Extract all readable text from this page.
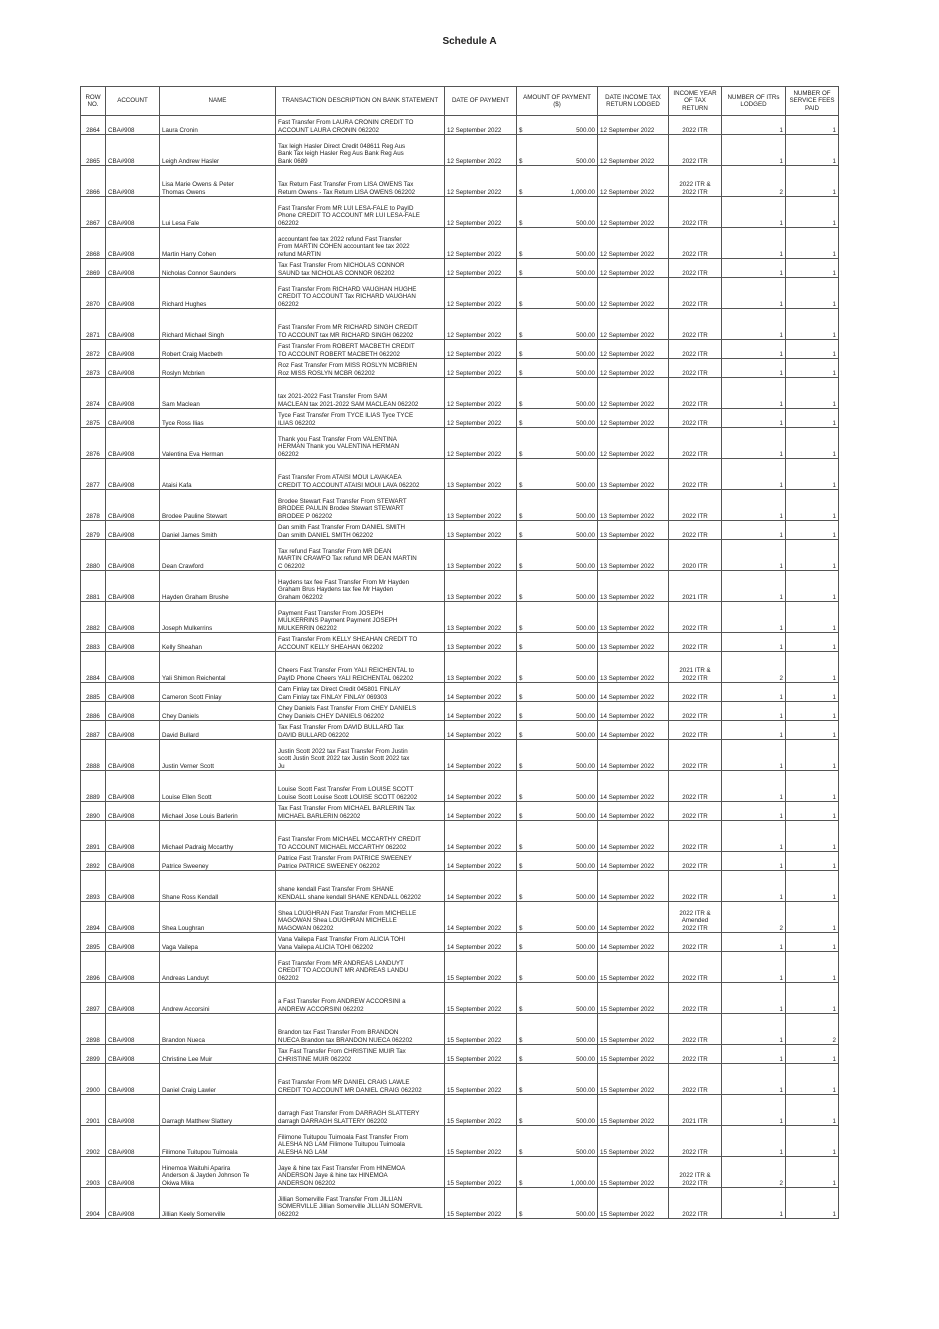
Schedule A
ROW NO.	ACCOUNT	NAME	TRANSACTION DESCRIPTION ON BANK STATEMENT	DATE OF PAYMENT	AMOUNT OF PAYMENT ($)	DATE INCOME TAX RETURN LODGED	INCOME YEAR OF TAX RETURN	NUMBER OF ITRs LODGED	NUMBER OF SERVICE FEES PAID
2864	CBA#908	Laura Cronin	Fast Transfer From LAURA CRONIN CREDIT TO
ACCOUNT LAURA CRONIN 062202	12 September 2022	$ 500.00	12 September 2022	2022 ITR	1	1
2865	CBA#908	Leigh Andrew Hasler	Tax leigh Hasler Direct Credit 048611 Reg Aus
Bank Tax leigh Hasler Reg Aus Bank Reg Aus
Bank 0689	12 September 2022	$ 500.00	12 September 2022	2022 ITR	1	1
2866	CBA#908	Lisa Marie Owens & Peter
Thomas Owens	Tax Return Fast Transfer From LISA OWENS Tax
Return Owens - Tax Return LISA OWENS 062202	12 September 2022	$ 1,000.00	12 September 2022	2022 ITR &
2022 ITR	2	1
2867	CBA#908	Lui Lesa Fale	Fast Transfer From MR LUI LESA-FALE to PayID
Phone CREDIT TO ACCOUNT MR LUI LESA-FALE
062202	12 September 2022	$ 500.00	12 September 2022	2022 ITR	1	1
2868	CBA#908	Martin Harry Cohen	accountant fee tax 2022 refund Fast Transfer
From MARTIN COHEN accountant fee tax 2022
refund MARTIN	12 September 2022	$ 500.00	12 September 2022	2022 ITR	1	1
2869	CBA#908	Nicholas Connor Saunders	Tax Fast Transfer From NICHOLAS CONNOR
SAUND tax NICHOLAS CONNOR 062202	12 September 2022	$ 500.00	12 September 2022	2022 ITR	1	1
2870	CBA#908	Richard Hughes	Fast Transfer From RICHARD VAUGHAN HUGHE
CREDIT TO ACCOUNT Tax RICHARD VAUGHAN
062202	12 September 2022	$ 500.00	12 September 2022	2022 ITR	1	1
2871	CBA#908	Richard Michael Singh	Fast Transfer From MR RICHARD SINGH CREDIT
TO ACCOUNT tax MR RICHARD SINGH 062202	12 September 2022	$ 500.00	12 September 2022	2022 ITR	1	1
2872	CBA#908	Robert Craig Macbeth	Fast Transfer From ROBERT MACBETH CREDIT
TO ACCOUNT ROBERT MACBETH 062202	12 September 2022	$ 500.00	12 September 2022	2022 ITR	1	1
2873	CBA#908	Roslyn Mcbrien	Roz Fast Transfer From MISS ROSLYN MCBRIEN
Roz MISS ROSLYN MCBR 062202	12 September 2022	$ 500.00	12 September 2022	2022 ITR	1	1
2874	CBA#908	Sam Maclean	tax 2021-2022 Fast Transfer From SAM
MACLEAN tax 2021-2022 SAM MACLEAN 062202	12 September 2022	$ 500.00	12 September 2022	2022 ITR	1	1
2875	CBA#908	Tyce Ross Ilias	Tyce Fast Transfer From TYCE ILIAS Tyce TYCE
ILIAS 062202	12 September 2022	$ 500.00	12 September 2022	2022 ITR	1	1
2876	CBA#908	Valentina Eva Herman	Thank you Fast Transfer From VALENTINA
HERMAN Thank you VALENTINA HERMAN
062202	12 September 2022	$ 500.00	12 September 2022	2022 ITR	1	1
2877	CBA#908	Ataisi Kafa	Fast Transfer From ATAISI MOUI LAVAKAEA
CREDIT TO ACCOUNT ATAISI MOUI LAVA 062202	13 September 2022	$ 500.00	13 September 2022	2022 ITR	1	1
2878	CBA#908	Brodee Pauline Stewart	Brodee Stewart Fast Transfer From STEWART
BRODEE PAULIN Brodee Stewart STEWART
BRODEE P 062202	13 September 2022	$ 500.00	13 September 2022	2022 ITR	1	1
2879	CBA#908	Daniel James Smith	Dan smith Fast Transfer From DANIEL SMITH
Dan smith DANIEL SMITH 062202	13 September 2022	$ 500.00	13 September 2022	2022 ITR	1	1
2880	CBA#908	Dean Crawford	Tax refund Fast Transfer From MR DEAN
MARTIN CRAWFO Tax refund MR DEAN MARTIN
C 062202	13 September 2022	$ 500.00	13 September 2022	2020 ITR	1	1
2881	CBA#908	Hayden Graham Brushe	Haydens tax fee Fast Transfer From Mr Hayden
Graham Brus Haydens tax fee Mr Hayden
Graham 062202	13 September 2022	$ 500.00	13 September 2022	2021 ITR	1	1
2882	CBA#908	Joseph Mulkerrins	Payment Fast Transfer From JOSEPH
MULKERRINS Payment Payment JOSEPH
MULKERRIN 062202	13 September 2022	$ 500.00	13 September 2022	2022 ITR	1	1
2883	CBA#908	Kelly Sheahan	Fast Transfer From KELLY SHEAHAN CREDIT TO
ACCOUNT KELLY SHEAHAN 062202	13 September 2022	$ 500.00	13 September 2022	2022 ITR	1	1
2884	CBA#908	Yali Shimon Reichental	Cheers Fast Transfer From YALI REICHENTAL to
PayID Phone Cheers YALI REICHENTAL 062202	13 September 2022	$ 500.00	13 September 2022	2021 ITR &
2022 ITR	2	1
2885	CBA#908	Cameron Scott Finlay	Cam Finlay tax Direct Credit 045801 FINLAY
Cam Finlay tax FINLAY FINLAY 069303	14 September 2022	$ 500.00	14 September 2022	2022 ITR	1	1
2886	CBA#908	Chey Daniels	Chey Daniels Fast Transfer From CHEY DANIELS
Chey Daniels CHEY DANIELS 062202	14 September 2022	$ 500.00	14 September 2022	2022 ITR	1	1
2887	CBA#908	David Bullard	Tax Fast Transfer From DAVID BULLARD Tax
DAVID BULLARD 062202	14 September 2022	$ 500.00	14 September 2022	2022 ITR	1	1
2888	CBA#908	Justin Verner Scott	Justin Scott 2022 tax Fast Transfer From Justin
scott Justin Scott 2022 tax Justin Scott 2022 tax
Ju	14 September 2022	$ 500.00	14 September 2022	2022 ITR	1	1
2889	CBA#908	Louise Ellen Scott	Louise Scott Fast Transfer From LOUISE SCOTT
Louise Scott Louise Scott LOUISE SCOTT 062202	14 September 2022	$ 500.00	14 September 2022	2022 ITR	1	1
2890	CBA#908	Michael Jose Louis Barlerin	Tax Fast Transfer From MICHAEL BARLERIN Tax
MICHAEL BARLERIN 062202	14 September 2022	$ 500.00	14 September 2022	2022 ITR	1	1
2891	CBA#908	Michael Padraig Mccarthy	Fast Transfer From MICHAEL MCCARTHY CREDIT
TO ACCOUNT MICHAEL MCCARTHY 062202	14 September 2022	$ 500.00	14 September 2022	2022 ITR	1	1
2892	CBA#908	Patrice Sweeney	Patrice Fast Transfer From PATRICE SWEENEY
Patrice PATRICE SWEENEY 062202	14 September 2022	$ 500.00	14 September 2022	2022 ITR	1	1
2893	CBA#908	Shane Ross Kendall	shane kendall Fast Transfer From SHANE
KENDALL shane kendall SHANE KENDALL 062202	14 September 2022	$ 500.00	14 September 2022	2022 ITR	1	1
2894	CBA#908	Shea Loughran	Shea LOUGHRAN Fast Transfer From MICHELLE
MAGOWAN Shea LOUGHRAN MICHELLE
MAGOWAN 062202	14 September 2022	$ 500.00	14 September 2022	2022 ITR &
Amended
2022 ITR	2	1
2895	CBA#908	Vaga Vailepa	Vana Vailepa Fast Transfer From ALICIA TOHI
Vana Vailepa ALICIA TOHI 062202	14 September 2022	$ 500.00	14 September 2022	2022 ITR	1	1
2896	CBA#908	Andreas Landuyt	Fast Transfer From MR ANDREAS LANDUYT
CREDIT TO ACCOUNT MR ANDREAS LANDU
062202	15 September 2022	$ 500.00	15 September 2022	2022 ITR	1	1
2897	CBA#908	Andrew Accorsini	a Fast Transfer From ANDREW ACCORSINI a
ANDREW ACCORSINI 062202	15 September 2022	$ 500.00	15 September 2022	2022 ITR	1	1
2898	CBA#908	Brandon Nueca	Brandon tax Fast Transfer From BRANDON
NUECA Brandon tax BRANDON NUECA 062202	15 September 2022	$ 500.00	15 September 2022	2022 ITR	1	2
2899	CBA#908	Christine Lee Muir	Tax Fast Transfer From CHRISTINE MUIR Tax
CHRISTINE MUIR 062202	15 September 2022	$ 500.00	15 September 2022	2022 ITR	1	1
2900	CBA#908	Daniel Craig Lawler	Fast Transfer From MR DANIEL CRAIG LAWLE
CREDIT TO ACCOUNT MR DANIEL CRAIG 062202	15 September 2022	$ 500.00	15 September 2022	2022 ITR	1	1
2901	CBA#908	Darragh Matthew Slattery	darragh Fast Transfer From DARRAGH SLATTERY
darragh DARRAGH SLATTERY 062202	15 September 2022	$ 500.00	15 September 2022	2021 ITR	1	1
2902	CBA#908	Filimone Tuitupou Tuimoala	Filimone Tuitupou Tuimoala Fast Transfer From
ALESHA NG LAM Filimone Tuitupou Tuimoala
ALESHA NG LAM	15 September 2022	$ 500.00	15 September 2022	2022 ITR	1	1
2903	CBA#908	Hinemoa Waituhi Aparira
Anderson & Jayden Johnson Te
Okiwa Mika	Jaye & hine tax Fast Transfer From HINEMOA
ANDERSON Jaye & hine tax HINEMOA
ANDERSON 062202	15 September 2022	$ 1,000.00	15 September 2022	2022 ITR &
2022 ITR	2	1
2904	CBA#908	Jillian Keely Somerville	Jillian Somerville Fast Transfer From JILLIAN
SOMERVILLE Jillian Somerville JILLIAN SOMERVIL
062202	15 September 2022	$ 500.00	15 September 2022	2022 ITR	1	1
